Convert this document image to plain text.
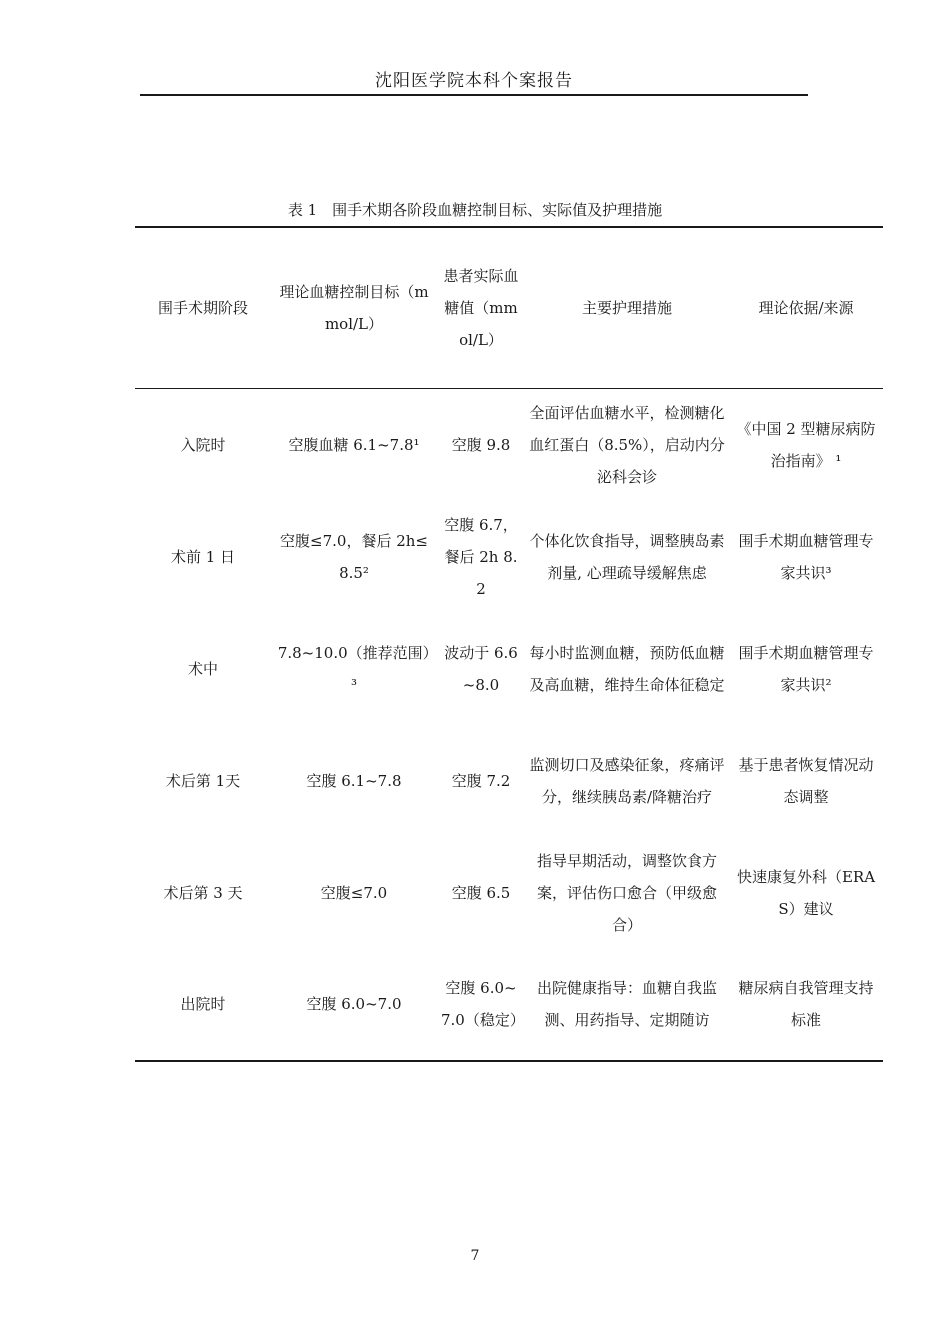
沈阳医学院本科个案报告
表 1　围手术期各阶段血糖控制目标、实际值及护理措施
围手术期阶段	理论血糖控制目标（mmol/L）	患者实际血糖值（mmol/L）	主要护理措施	理论依据/来源
入院时	空腹血糖 6.1~7.8¹	空腹 9.8	全面评估血糖水平，检测糖化血红蛋白（8.5%），启动内分泌科会诊	《中国 2 型糖尿病防治指南》 ¹
术前 1 日	空腹≤7.0，餐后 2h≤8.5²	空腹 6.7，餐后 2h 8.2	个体化饮食指导，调整胰岛素剂量, 心理疏导缓解焦虑	围手术期血糖管理专家共识³
术中	7.8~10.0（推荐范围）³	波动于 6.6~8.0	每小时监测血糖，预防低血糖及高血糖，维持生命体征稳定	围手术期血糖管理专家共识²
术后第 1天	空腹 6.1~7.8	空腹 7.2	监测切口及感染征象，疼痛评分，继续胰岛素/降糖治疗	基于患者恢复情况动态调整
术后第 3 天	空腹≤7.0	空腹 6.5	指导早期活动，调整饮食方案，评估伤口愈合（甲级愈合）	快速康复外科（ERAS）建议
出院时	空腹 6.0~7.0	空腹 6.0~7.0（稳定）	出院健康指导：血糖自我监测、用药指导、定期随访	糖尿病自我管理支持标准
7
